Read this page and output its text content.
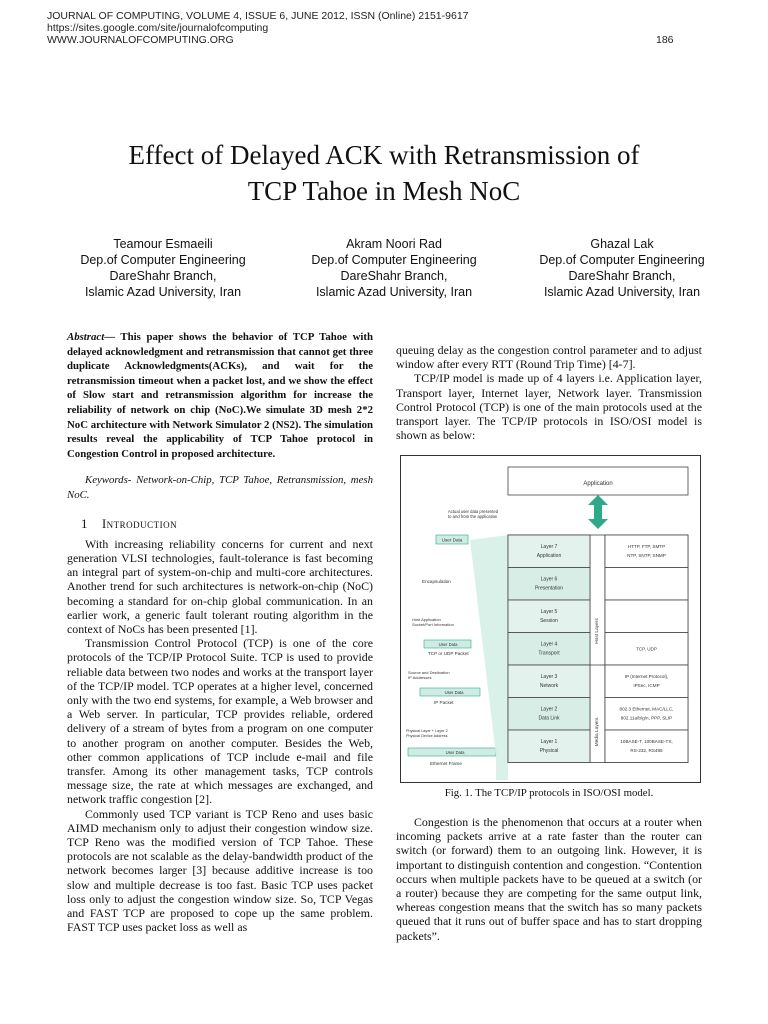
JOURNAL OF COMPUTING, VOLUME 4, ISSUE 6, JUNE 2012, ISSN (Online) 2151-9617
https://sites.google.com/site/journalofcomputing
WWW.JOURNALOFCOMPUTING.ORG	186
Effect of Delayed ACK with Retransmission of
TCP Tahoe in Mesh NoC
Teamour Esmaeili
Dep.of Computer Engineering
DareShahr Branch,
Islamic Azad University, Iran
Akram Noori Rad
Dep.of Computer Engineering
DareShahr Branch,
Islamic Azad University, Iran
Ghazal Lak
Dep.of Computer Engineering
DareShahr Branch,
Islamic Azad University, Iran
Abstract— This paper shows the behavior of TCP Tahoe with delayed acknowledgment and retransmission that cannot get three duplicate Acknowledgments(ACKs), and wait for the retransmission timeout when a packet lost, and we show the effect of Slow start and retransmission algorithm for increase the reliability of network on chip (NoC).We simulate 3D mesh 2*2 NoC architecture with Network Simulator 2 (NS2). The simulation results reveal the applicability of TCP Tahoe protocol in Congestion Control in proposed architecture.
Keywords- Network-on-Chip, TCP Tahoe, Retransmission, mesh NoC.
1 Introduction

With increasing reliability concerns for current and next generation VLSI technologies, fault-tolerance is fast becoming an integral part of system-on-chip and multi-core architectures. Another trend for such architectures is network-on-chip (NoC) becoming a standard for on-chip global communication. In an earlier work, a generic fault tolerant routing algorithm in the context of NoCs has been presented [1].

Transmission Control Protocol (TCP) is one of the core protocols of the TCP/IP Protocol Suite. TCP is used to provide reliable data between two nodes and works at the transport layer of the TCP/IP model. TCP operates at a higher level, concerned only with the two end systems, for example, a Web browser and a Web server. In particular, TCP provides reliable, ordered delivery of a stream of bytes from a program on one computer to another program on another computer. Besides the Web, other common applications of TCP include e-mail and file transfer. Among its other management tasks, TCP controls message size, the rate at which messages are exchanged, and network traffic congestion [2].

Commonly used TCP variant is TCP Reno and uses basic AIMD mechanism only to adjust their congestion window size. TCP Reno was the modified version of TCP Tahoe. These protocols are not scalable as the delay-bandwidth product of the network becomes larger [3] because additive increase is too slow and multiple decrease is too fast. Basic TCP uses packet loss only to adjust the congestion window size. So, TCP Vegas and FAST TCP are proposed to cope up the same problem. FAST TCP uses packet loss as well as

queuing delay as the congestion control parameter and to adjust window after every RTT (Round Trip Time) [4-7].

TCP/IP model is made up of 4 layers i.e. Application layer, Transport layer, Internet layer, Network layer. Transmission Control Protocol (TCP) is one of the main protocols used at the transport layer. The TCP/IP protocols in ISO/OSI model is shown as below:

Application
Actual user data presented
to and from the application
User Data
Encapsulation
Host Application
Socket/Port Information
User Data
TCP or UDP Packet
Source and Destination
IP Addresses
User Data
IP Packet
Physical Layer + Layer 2
Physical Device Address
User Data
Ethernet Frame
Layer 7
Application
HTTP, FTP, SMTP
NTP, SNTP, SNMP
Layer 6
Presentation
Layer 5
Session
Layer 4
Transport
TCP, UDP
Layer 3
Network
IP (Internet Protocol),
IPSec, ICMP
Layer 2
Data Link
802.3 Ethernet, MAC/LLC,
802.11a/b/g/n, PPP, SLIP
Layer 1
Physical
10BASE-T, 100BASE-TX,
RS-232, RS485
Host Layers
Media Layers
Fig. 1. The TCP/IP protocols in ISO/OSI model.

Congestion is the phenomenon that occurs at a router when incoming packets arrive at a rate faster than the router can switch (or forward) them to an outgoing link. However, it is important to distinguish contention and congestion. “Contention occurs when multiple packets have to be queued at a switch (or a router) because they are competing for the same output link, whereas congestion means that the switch has so many packets queued that it runs out of buffer space and has to start dropping packets”.
